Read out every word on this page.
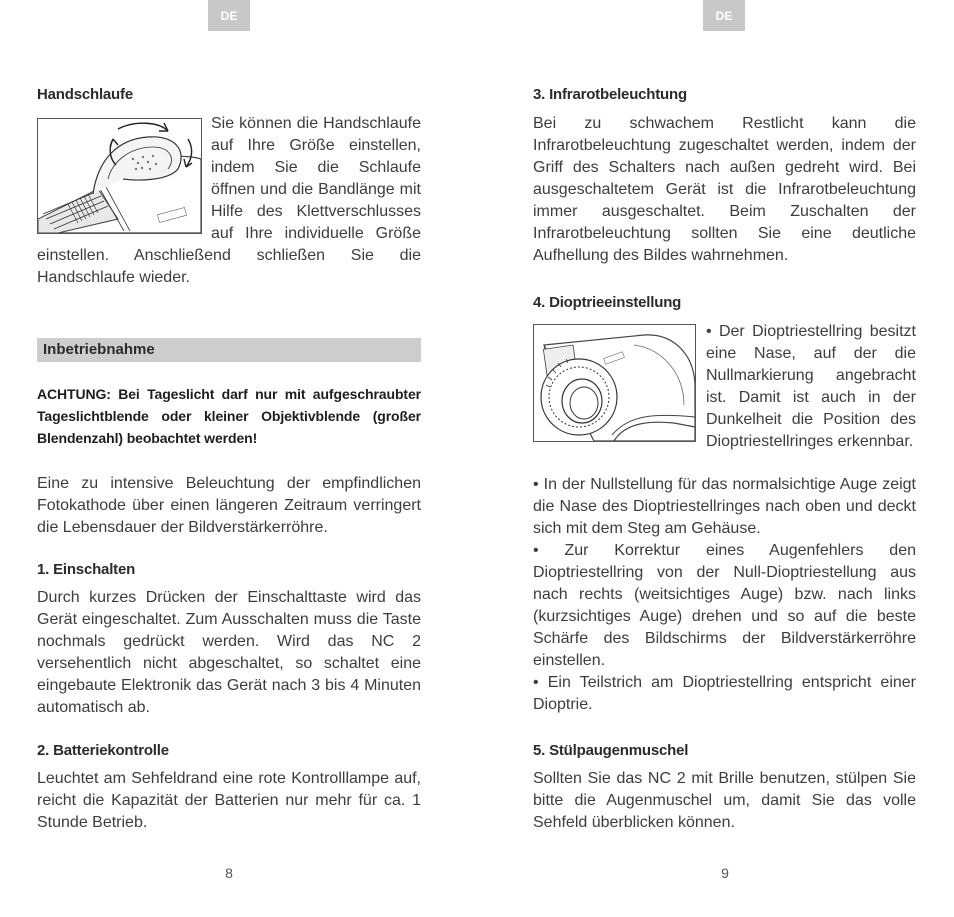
DE
Handschlaufe

Sie können die Handschlaufe auf Ihre Größe einstellen, indem Sie die Schlaufe öffnen und die Bandlänge mit Hilfe des Klettverschlusses auf Ihre individuelle Größe

einstellen. Anschließend schließen Sie die Handschlaufe wieder.

Inbetriebnahme
ACHTUNG: Bei Tageslicht darf nur mit aufgeschraubter Tageslichtblende oder kleiner Objektivblende (großer Blendenzahl) beobachtet werden!

Eine zu intensive Beleuchtung der empfindlichen Fotokathode über einen längeren Zeitraum verringert die Lebensdauer der Bildverstärkerröhre.

1. Einschalten

Durch kurzes Drücken der Einschalttaste wird das Gerät eingeschaltet. Zum Ausschalten muss die Taste nochmals gedrückt werden. Wird das NC 2 versehentlich nicht abgeschaltet, so schaltet eine eingebaute Elektronik das Gerät nach 3 bis 4 Minuten automatisch ab.

2. Batteriekontrolle

Leuchtet am Sehfeldrand eine rote Kontrolllampe auf, reicht die Kapazität der Batterien nur mehr für ca. 1 Stunde Betrieb.

8
DE
3. Infrarotbeleuchtung

Bei zu schwachem Restlicht kann die Infrarotbeleuchtung zugeschaltet werden, indem der Griff des Schalters nach außen gedreht wird. Bei ausgeschaltetem Gerät ist die Infrarotbeleuchtung immer ausgeschaltet. Beim Zuschalten der Infrarotbeleuchtung sollten Sie eine deutliche Aufhellung des Bildes wahrnehmen.

4. Dioptrieeinstellung

• Der Dioptriestellring besitzt eine Nase, auf der die Nullmarkierung angebracht ist. Damit ist auch in der Dunkelheit die Position des Dioptriestellringes erkennbar.

• In der Nullstellung für das normalsichtige Auge zeigt die Nase des Dioptriestellringes nach oben und deckt sich mit dem Steg am Gehäuse.

• Zur Korrektur eines Augenfehlers den Dioptriestellring von der Null-Dioptriestellung aus nach rechts (weitsichtiges Auge) bzw. nach links (kurzsichtiges Auge) drehen und so auf die beste Schärfe des Bildschirms der Bildverstärkerröhre einstellen.

• Ein Teilstrich am Dioptriestellring entspricht einer Dioptrie.

5. Stülpaugenmuschel

Sollten Sie das NC 2 mit Brille benutzen, stülpen Sie bitte die Augenmuschel um, damit Sie das volle Sehfeld überblicken können.

9
